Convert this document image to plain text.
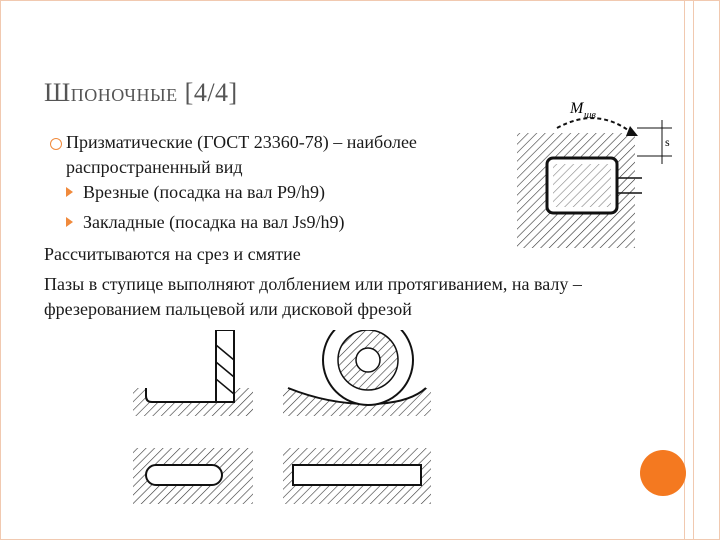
Шпоночные [4/4]
Призматические (ГОСТ 23360-78) – наиболее
распространенный вид
Врезные (посадка на вал P9/h9)
Закладные (посадка на вал Js9/h9)
Рассчитываются на срез и смятие
Пазы в ступице выполняют долблением или протягиванием, на валу – фрезерованием пальцевой или дисковой фрезой
M шв
s
